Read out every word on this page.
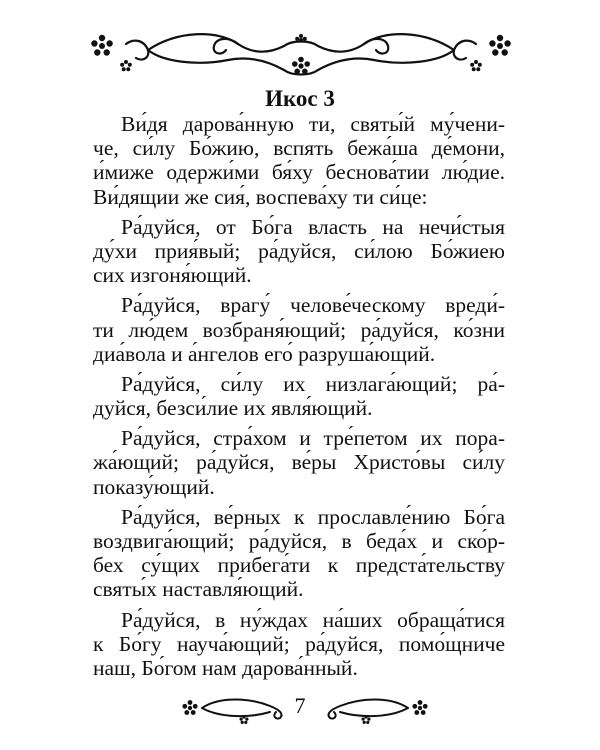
Икос 3
Ви́дя дарова́нную ти, святы́й му́чени-
че, си́лу Бо́жию, вспять бежа́ша де́мони,
и́миже одержи́ми бя́ху беснова́тии лю́дие.
Ви́дящии же сия́, воспева́ху ти си́це:
Ра́дуйся, от Бо́га власть на нечи́стыя
ду́хи прия́вый; ра́дуйся, си́лою Бо́жиею
сих изгоня́ющий.
Ра́дуйся, врагу́ челове́ческому вреди́-
ти лю́дем возбраня́ющий; ра́дуйся, ко́зни
диа́вола и а́нгелов его́ разруша́ющий.
Ра́дуйся, си́лу их низлага́ющий; ра́-
дуйся, безси́лие их явля́ющий.
Ра́дуйся, стра́хом и тре́петом их пора-
жа́ющий; ра́дуйся, ве́ры Христо́вы си́лу
показу́ющий.
Ра́дуйся, ве́рных к прославле́нию Бо́га
воздвига́ющий; ра́дуйся, в беда́х и ско́р-
бех су́щих прибега́ти к предста́тельству
святы́х наставля́ющий.
Ра́дуйся, в ну́ждах на́ших обраща́тися
к Бо́гу науча́ющий; ра́дуйся, помо́щниче
наш, Бо́гом нам дарова́нный.
7
